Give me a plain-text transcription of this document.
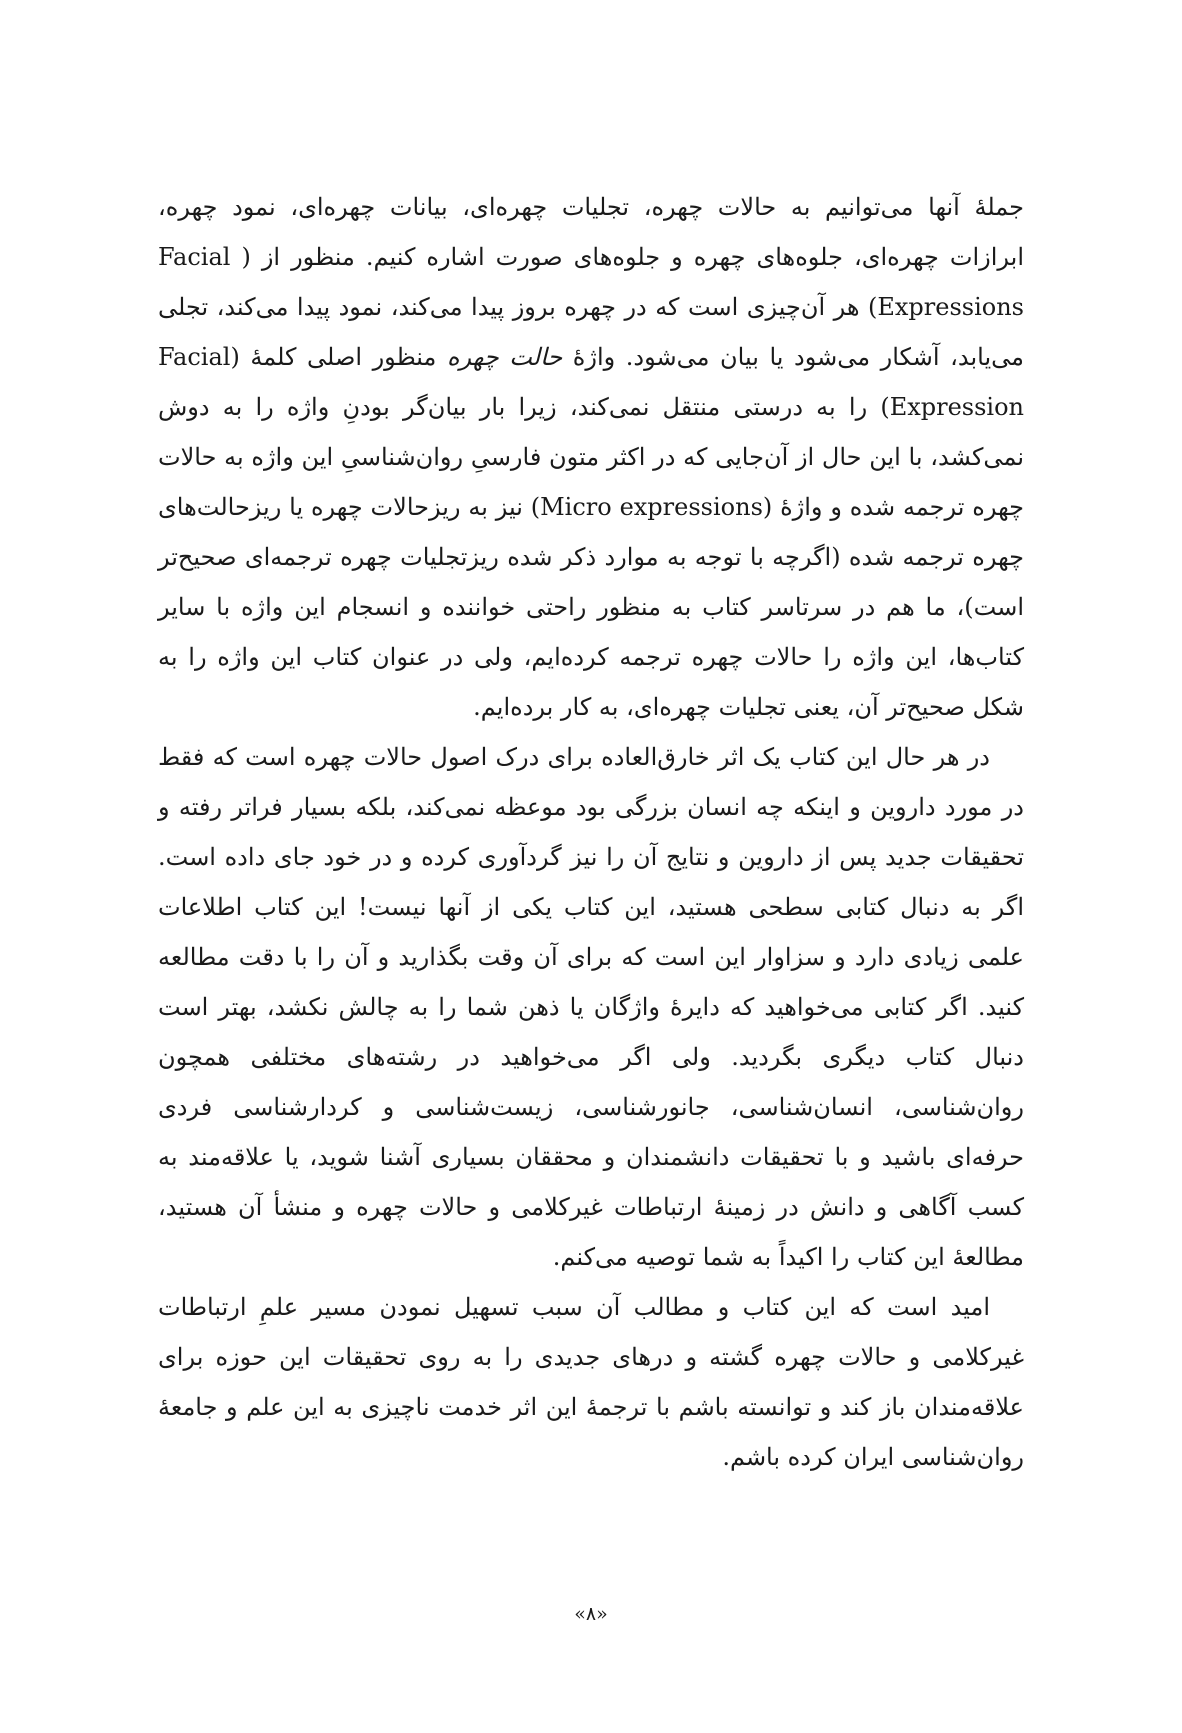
جملهٔ آنها می‌توانیم به حالات چهره، تجلیات چهره‌ای، بیانات چهره‌ای، نمود چهره، ابرازات چهره‌ای، جلوه‌های چهره و جلوه‌های صورت اشاره کنیم. منظور از ( Facial Expressions) هر آن‌چیزی است که در چهره بروز پیدا می‌کند، نمود پیدا می‌کند، تجلی می‌یابد، آشکار می‌شود یا بیان می‌شود. واژهٔ حالت چهره منظور اصلی کلمهٔ (Facial Expression) را به درستی منتقل نمی‌کند، زیرا بار بیان‌گر بودنِ واژه را به دوش نمی‌کشد، با این حال از آن‌جایی که در اکثر متون فارسیِ روان‌شناسیِ این واژه به حالات چهره ترجمه شده و واژهٔ (Micro expressions) نیز به ریزحالات چهره یا ریزحالت‌های چهره ترجمه شده (اگرچه با توجه به موارد ذکر شده ریزتجلیات چهره ترجمه‌ای صحیح‌تر است)، ما هم در سرتاسر کتاب به منظور راحتی خواننده و انسجام این واژه با سایر کتاب‌ها، این واژه را حالات چهره ترجمه کرده‌ایم، ولی در عنوان کتاب این واژه را به شکل صحیح‌تر آن، یعنی تجلیات چهره‌ای، به کار برده‌ایم.

در هر حال این کتاب یک اثر خارق‌العاده برای درک اصول حالات چهره است که فقط در مورد داروین و اینکه چه انسان بزرگی بود موعظه نمی‌کند، بلکه بسیار فراتر رفته و تحقیقات جدید پس از داروین و نتایج آن را نیز گردآوری کرده و در خود جای داده است. اگر به دنبال کتابی سطحی هستید، این کتاب یکی از آنها نیست! این کتاب اطلاعات علمی زیادی دارد و سزاوار این است که برای آن وقت بگذارید و آن را با دقت مطالعه کنید. اگر کتابی می‌خواهید که دایرهٔ واژگان یا ذهن شما را به چالش نکشد، بهتر است دنبال کتاب دیگری بگردید. ولی اگر می‌خواهید در رشته‌های مختلفی همچون روان‌شناسی، انسان‌شناسی، جانورشناسی، زیست‌شناسی و کردارشناسی فردی حرفه‌ای باشید و با تحقیقات دانشمندان و محققان بسیاری آشنا شوید، یا علاقه‌مند به کسب آگاهی و دانش در زمینهٔ ارتباطات غیرکلامی و حالات چهره و منشأ آن هستید، مطالعهٔ این کتاب را اکیداً به شما توصیه می‌کنم.

امید است که این کتاب و مطالب آن سبب تسهیل نمودن مسیر علمِ ارتباطات غیرکلامی و حالات چهره گشته و درهای جدیدی را به روی تحقیقات این حوزه برای علاقه‌مندان باز کند و توانسته باشم با ترجمهٔ این اثر خدمت ناچیزی به این علم و جامعهٔ روان‌شناسی ایران کرده باشم.

«۸»
